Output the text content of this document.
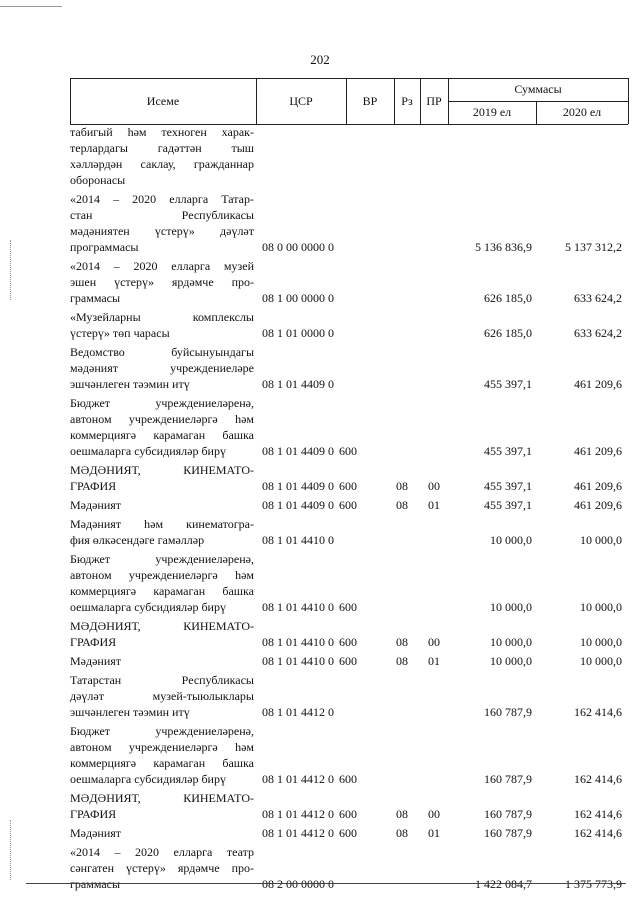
202
Исеме	ЦСР	ВР	Рз	ПР
Суммасы
2019 ел	2020 ел
табигый һәм техноген харак-
терлардагы гадәттән тыш
хәлләрдән саклау, гражданнар
оборонасы
«2014 – 2020 елларга Татар-
стан Республикасы
мәдәниятен үстерү» дәүләт
программасы	08 0 00 0000 0	5 136 836,9	5 137 312,2
«2014 – 2020 елларга музей
эшен үстерү» ярдәмче про-
граммасы	08 1 00 0000 0	626 185,0	633 624,2
«Музейларны комплекслы
үстерү» төп чарасы	08 1 01 0000 0	626 185,0	633 624,2
Ведомство буйсынуындагы
мәдәният учреждениеләре
эшчәнлеген тәэмин итү	08 1 01 4409 0	455 397,1	461 209,6
Бюджет учреждениеләренә,
автоном учреждениеләргә һәм
коммерциягә карамаган башка
оешмаларга субсидияләр бирү	08 1 01 4409 0 600	455 397,1	461 209,6
МӘДӘНИЯТ, КИНЕМАТО-
ГРАФИЯ	08 1 01 4409 0 600	08	00	455 397,1	461 209,6
Мәдәният	08 1 01 4409 0 600	08	01	455 397,1	461 209,6
Мәдәният һәм кинематогра-
фия өлкәсендәге гамәлләр	08 1 01 4410 0	10 000,0	10 000,0
Бюджет учреждениеләренә,
автоном учреждениеләргә һәм
коммерциягә карамаган башка
оешмаларга субсидияләр бирү	08 1 01 4410 0 600	10 000,0	10 000,0
МӘДӘНИЯТ, КИНЕМАТО-
ГРАФИЯ	08 1 01 4410 0 600	08	00	10 000,0	10 000,0
Мәдәният	08 1 01 4410 0 600	08	01	10 000,0	10 000,0
Татарстан Республикасы
дәүләт музей-тыюлыклары
эшчәнлеген тәэмин итү	08 1 01 4412 0	160 787,9	162 414,6
Бюджет учреждениеләренә,
автоном учреждениеләргә һәм
коммерциягә карамаган башка
оешмаларга субсидияләр бирү	08 1 01 4412 0 600	160 787,9	162 414,6
МӘДӘНИЯТ, КИНЕМАТО-
ГРАФИЯ	08 1 01 4412 0 600	08	00	160 787,9	162 414,6
Мәдәният	08 1 01 4412 0 600	08	01	160 787,9	162 414,6
«2014 – 2020 елларга театр
сәнгатен үстерү» ярдәмче про-
граммасы	08 2 00 0000 0	1 422 084,7	1 375 773,9
